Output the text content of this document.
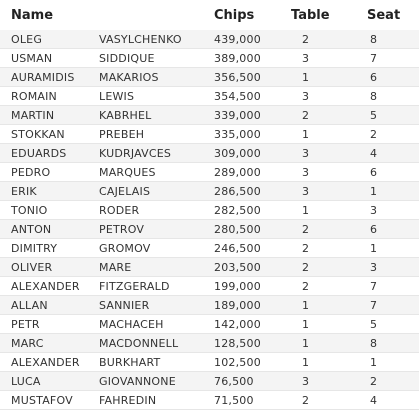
Name	Chips	Table	Seat
OLEG	VASYLCHENKO	439,000	2	8
USMAN	SIDDIQUE	389,000	3	7
AURAMIDIS	MAKARIOS	356,500	1	6
ROMAIN	LEWIS	354,500	3	8
MARTIN	KABRHEL	339,000	2	5
STOKKAN	PREBEH	335,000	1	2
EDUARDS	KUDRJAVCES	309,000	3	4
PEDRO	MARQUES	289,000	3	6
ERIK	CAJELAIS	286,500	3	1
TONIO	RODER	282,500	1	3
ANTON	PETROV	280,500	2	6
DIMITRY	GROMOV	246,500	2	1
OLIVER	MARE	203,500	2	3
ALEXANDER	FITZGERALD	199,000	2	7
ALLAN	SANNIER	189,000	1	7
PETR	MACHACEH	142,000	1	5
MARC	MACDONNELL	128,500	1	8
ALEXANDER	BURKHART	102,500	1	1
LUCA	GIOVANNONE	76,500	3	2
MUSTAFOV	FAHREDIN	71,500	2	4
